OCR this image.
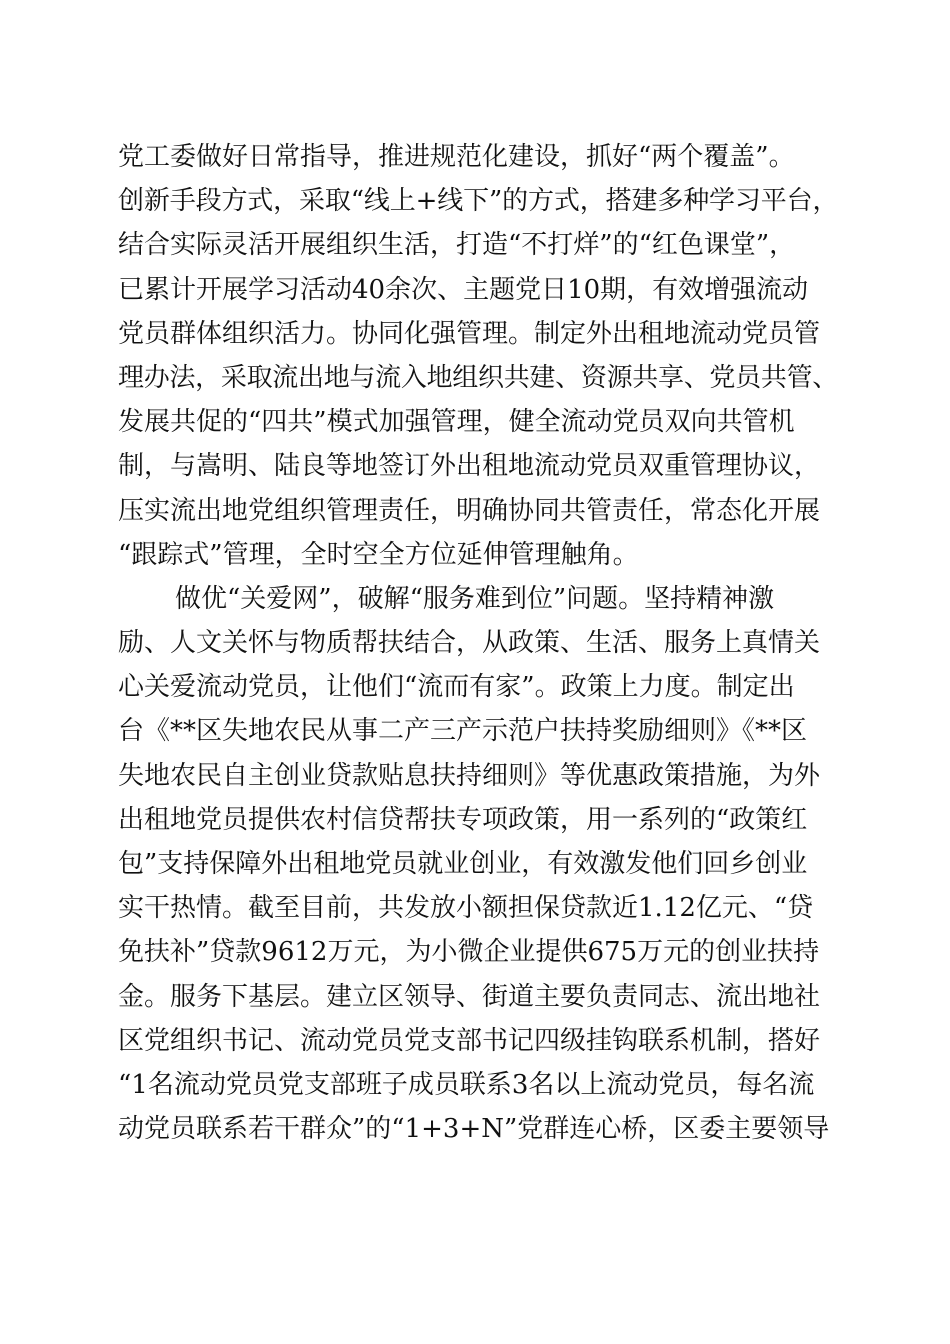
党工委做好日常指导，推进规范化建设，抓好“两个覆盖”。
创新手段方式，采取“线上+线下”的方式，搭建多种学习平台，
结合实际灵活开展组织生活，打造“不打烊”的“红色课堂”，
已累计开展学习活动40余次、主题党日10期，有效增强流动
党员群体组织活力。协同化强管理。制定外出租地流动党员管
理办法，采取流出地与流入地组织共建、资源共享、党员共管、
发展共促的“四共”模式加强管理，健全流动党员双向共管机
制，与嵩明、陆良等地签订外出租地流动党员双重管理协议，
压实流出地党组织管理责任，明确协同共管责任，常态化开展
“跟踪式”管理，全时空全方位延伸管理触角。
做优“关爱网”，破解“服务难到位”问题。坚持精神激
励、人文关怀与物质帮扶结合，从政策、生活、服务上真情关
心关爱流动党员，让他们“流而有家”。政策上力度。制定出
台《**区失地农民从事二产三产示范户扶持奖励细则》《**区
失地农民自主创业贷款贴息扶持细则》等优惠政策措施，为外
出租地党员提供农村信贷帮扶专项政策，用一系列的“政策红
包”支持保障外出租地党员就业创业，有效激发他们回乡创业
实干热情。截至目前，共发放小额担保贷款近1.12亿元、“贷
免扶补”贷款9612万元，为小微企业提供675万元的创业扶持
金。服务下基层。建立区领导、街道主要负责同志、流出地社
区党组织书记、流动党员党支部书记四级挂钩联系机制，搭好
“1名流动党员党支部班子成员联系3名以上流动党员，每名流
动党员联系若干群众”的“1+3+N”党群连心桥，区委主要领导
